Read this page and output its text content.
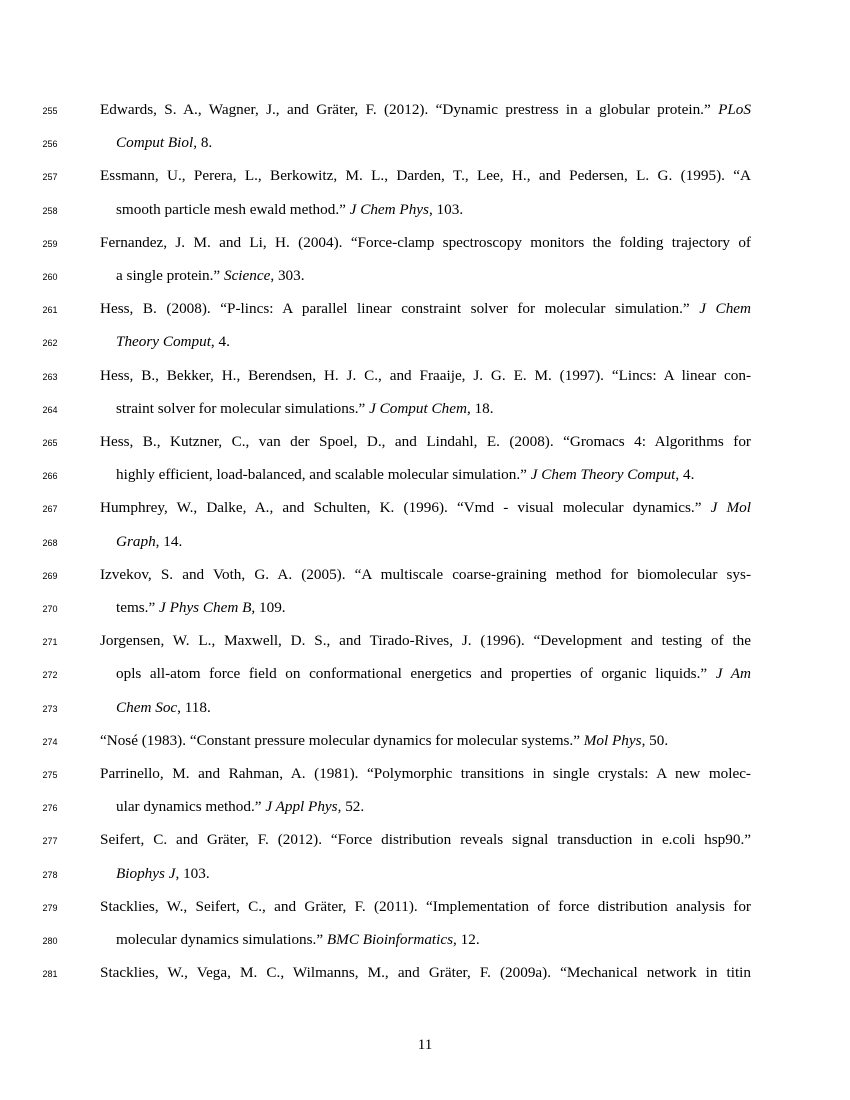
255	Edwards, S. A., Wagner, J., and Gräter, F. (2012). “Dynamic prestress in a globular protein.” PLoS
256	Comput Biol, 8.
257	Essmann, U., Perera, L., Berkowitz, M. L., Darden, T., Lee, H., and Pedersen, L. G. (1995). “A
258	smooth particle mesh ewald method.” J Chem Phys, 103.
259	Fernandez, J. M. and Li, H. (2004). “Force-clamp spectroscopy monitors the folding trajectory of
260	a single protein.” Science, 303.
261	Hess, B. (2008). “P-lincs: A parallel linear constraint solver for molecular simulation.” J Chem
262	Theory Comput, 4.
263	Hess, B., Bekker, H., Berendsen, H. J. C., and Fraaije, J. G. E. M. (1997). “Lincs: A linear con-
264	straint solver for molecular simulations.” J Comput Chem, 18.
265	Hess, B., Kutzner, C., van der Spoel, D., and Lindahl, E. (2008). “Gromacs 4: Algorithms for
266	highly efficient, load-balanced, and scalable molecular simulation.” J Chem Theory Comput, 4.
267	Humphrey, W., Dalke, A., and Schulten, K. (1996). “Vmd - visual molecular dynamics.” J Mol
268	Graph, 14.
269	Izvekov, S. and Voth, G. A. (2005). “A multiscale coarse-graining method for biomolecular sys-
270	tems.” J Phys Chem B, 109.
271	Jorgensen, W. L., Maxwell, D. S., and Tirado-Rives, J. (1996). “Development and testing of the
272	opls all-atom force field on conformational energetics and properties of organic liquids.” J Am
273	Chem Soc, 118.
274	“Nosé (1983). “Constant pressure molecular dynamics for molecular systems.” Mol Phys, 50.
275	Parrinello, M. and Rahman, A. (1981). “Polymorphic transitions in single crystals: A new molec-
276	ular dynamics method.” J Appl Phys, 52.
277	Seifert, C. and Gräter, F. (2012). “Force distribution reveals signal transduction in e.coli hsp90.”
278	Biophys J, 103.
279	Stacklies, W., Seifert, C., and Gräter, F. (2011). “Implementation of force distribution analysis for
280	molecular dynamics simulations.” BMC Bioinformatics, 12.
281	Stacklies, W., Vega, M. C., Wilmanns, M., and Gräter, F. (2009a). “Mechanical network in titin
11
